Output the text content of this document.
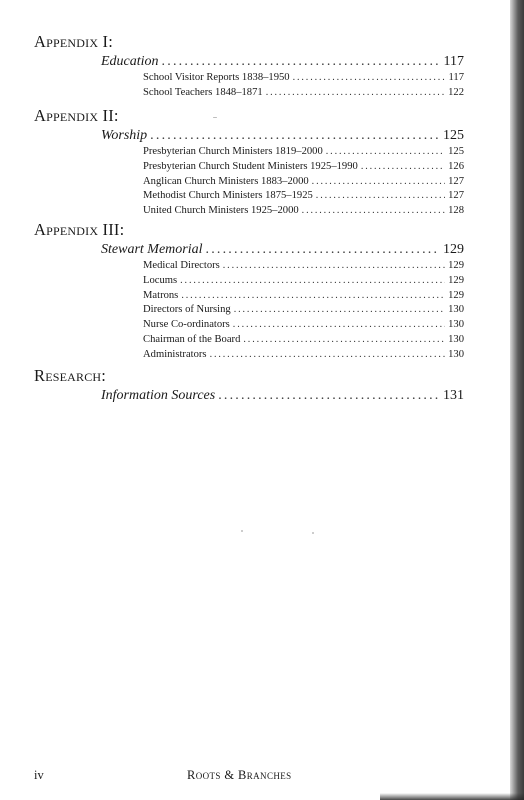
Appendix I:
Education .....	117
School Visitor Reports 1838–1950 .....	117
School Teachers 1848–1871 .....	122
Appendix II:
Worship .....	125
Presbyterian Church Ministers 1819–2000 .....	125
Presbyterian Church Student Ministers 1925–1990 .....	126
Anglican Church Ministers 1883–2000 .....	127
Methodist Church Ministers 1875–1925 .....	127
United Church Ministers 1925–2000 .....	128
Appendix III:
Stewart Memorial .....	129
Medical Directors .....	129
Locums .....	129
Matrons .....	129
Directors of Nursing .....	130
Nurse Co-ordinators .....	130
Chairman of the Board .....	130
Administrators .....	130
Research:
Information Sources .....	131
iv	Roots & Branches
